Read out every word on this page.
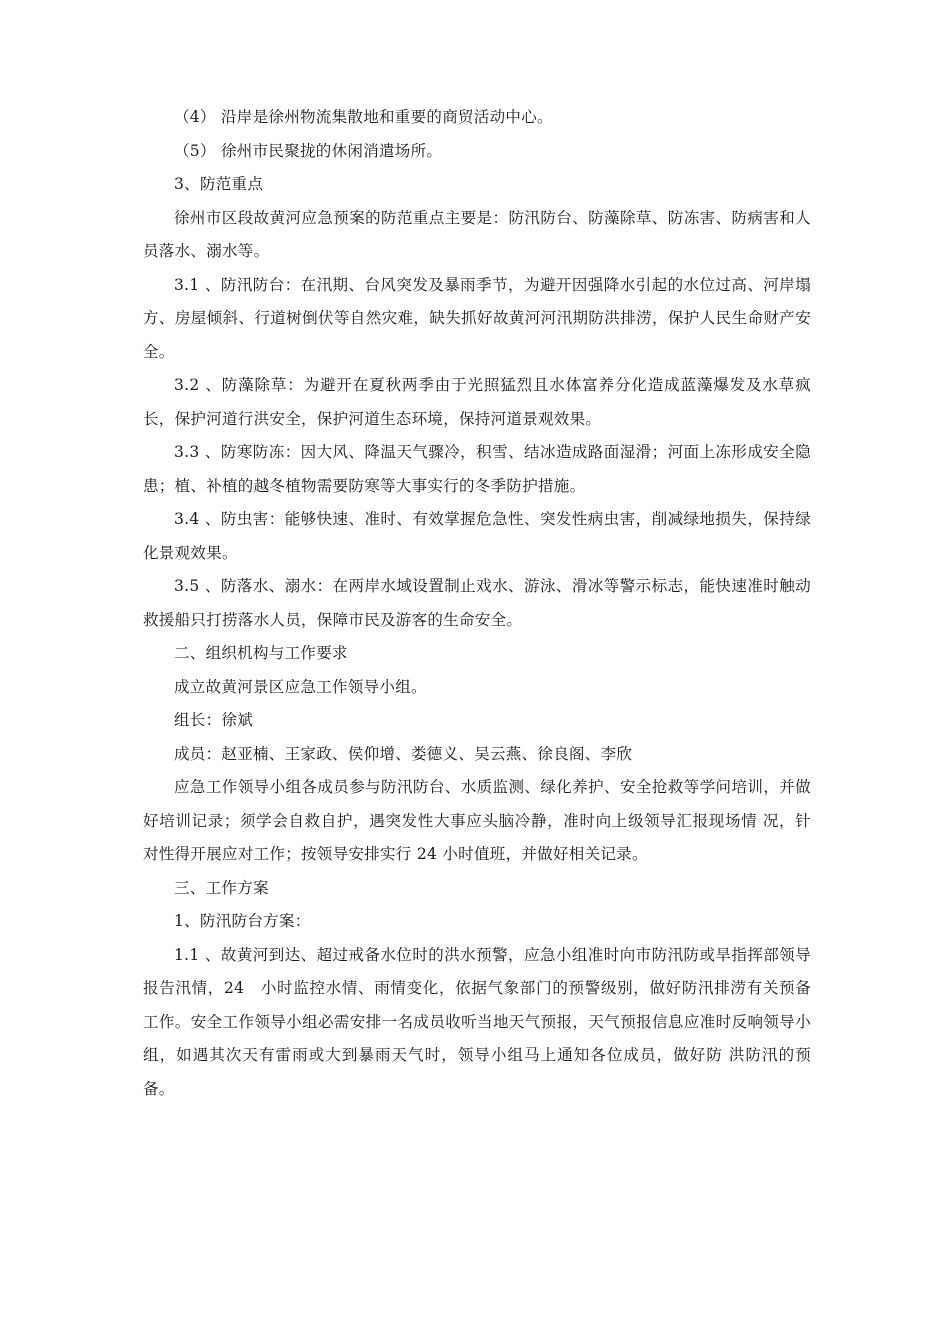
（4） 沿岸是徐州物流集散地和重要的商贸活动中心。

（5） 徐州市民聚拢的休闲消遣场所。

3、防范重点

徐州市区段故黄河应急预案的防范重点主要是：防汛防台、防藻除草、防冻害、防病害和人员落水、溺水等。

3.1 、防汛防台：在汛期、台风突发及暴雨季节，为避开因强降水引起的水位过高、河岸塌方、房屋倾斜、行道树倒伏等自然灾难，缺失抓好故黄河河汛期防洪排涝，保护人民生命财产安全。

3.2 、防藻除草：为避开在夏秋两季由于光照猛烈且水体富养分化造成蓝藻爆发及水草疯长，保护河道行洪安全，保护河道生态环境，保持河道景观效果。

3.3 、防寒防冻：因大风、降温天气骤冷，积雪、结冰造成路面湿滑；河面上冻形成安全隐患；植、补植的越冬植物需要防寒等大事实行的冬季防护措施。

3.4 、防虫害：能够快速、准时、有效掌握危急性、突发性病虫害，削减绿地损失，保持绿化景观效果。

3.5 、防落水、溺水：在两岸水域设置制止戏水、游泳、滑冰等警示标志，能快速准时触动救援船只打捞落水人员，保障市民及游客的生命安全。

二、组织机构与工作要求

成立故黄河景区应急工作领导小组。

组长：徐斌

成员：赵亚楠、王家政、侯仰增、娄德义、吴云燕、徐良阁、李欣

应急工作领导小组各成员参与防汛防台、水质监测、绿化养护、安全抢救等学问培训，并做好培训记录；须学会自救自护，遇突发性大事应头脑冷静，准时向上级领导汇报现场情 况，针对性得开展应对工作；按领导安排实行 24 小时值班，并做好相关记录。

三、工作方案

1、防汛防台方案：

1.1 、故黄河到达、超过戒备水位时的洪水预警，应急小组准时向市防汛防或旱指挥部领导报告汛情，24　小时监控水情、雨情变化，依据气象部门的预警级别，做好防汛排涝有关预备工作。安全工作领导小组必需安排一名成员收听当地天气预报，天气预报信息应准时反响领导小组，如遇其次天有雷雨或大到暴雨天气时，领导小组马上通知各位成员，做好防 洪防汛的预备。
